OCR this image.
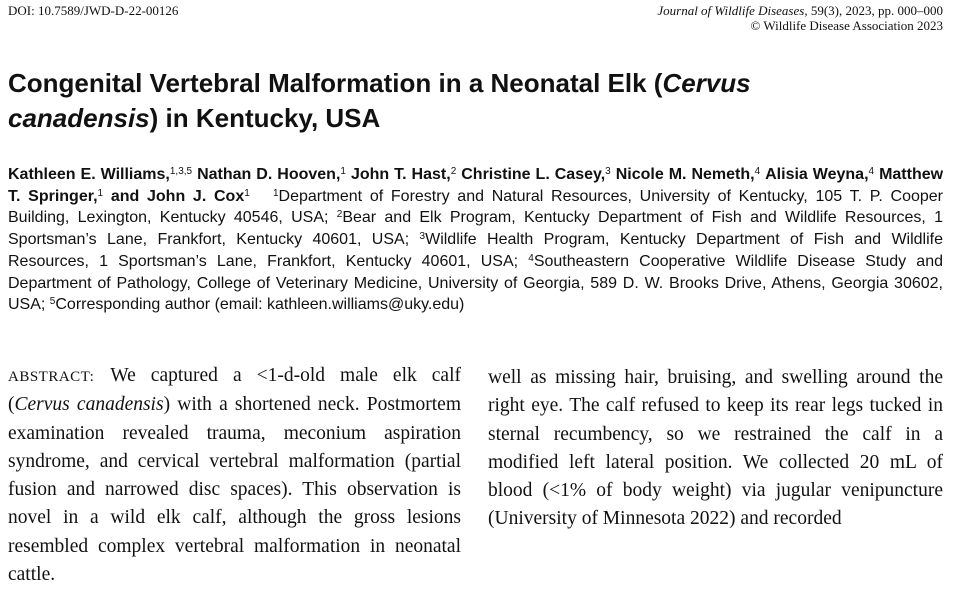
DOI: 10.7589/JWD-D-22-00126	Journal of Wildlife Diseases, 59(3), 2023, pp. 000–000
© Wildlife Disease Association 2023
Congenital Vertebral Malformation in a Neonatal Elk (Cervus canadensis) in Kentucky, USA

Kathleen E. Williams,$^{1,3,5}$ Nathan D. Hooven,$^1$ John T. Hast,$^2$ Christine L. Casey,$^3$ Nicole M. Nemeth,$^4$ Alisia Weyna,$^4$ Matthew T. Springer,$^1$ and John J. Cox$^1$ $^1$Department of Forestry and Natural Resources, University of Kentucky, 105 T. P. Cooper Building, Lexington, Kentucky 40546, USA; $^2$Bear and Elk Program, Kentucky Department of Fish and Wildlife Resources, 1 Sportsman’s Lane, Frankfort, Kentucky 40601, USA; $^3$Wildlife Health Program, Kentucky Department of Fish and Wildlife Resources, 1 Sportsman’s Lane, Frankfort, Kentucky 40601, USA; $^4$Southeastern Cooperative Wildlife Disease Study and Department of Pathology, College of Veterinary Medicine, University of Georgia, 589 D. W. Brooks Drive, Athens, Georgia 30602, USA; $^5$Corresponding author (email: kathleen.williams@uky.edu)

ABSTRACT: We captured a <1-d-old male elk calf (Cervus canadensis) with a shortened neck. Postmortem examination revealed trauma, meconium aspiration syndrome, and cervical vertebral malformation (partial fusion and narrowed disc spaces). This observation is novel in a wild elk calf, although the gross lesions resembled complex vertebral malformation in neonatal cattle.

well as missing hair, bruising, and swelling around the right eye. The calf refused to keep its rear legs tucked in sternal recumbency, so we restrained the calf in a modified left lateral position. We collected 20 mL of blood (<1% of body weight) via jugular venipuncture (University of Minnesota 2022) and recorded
